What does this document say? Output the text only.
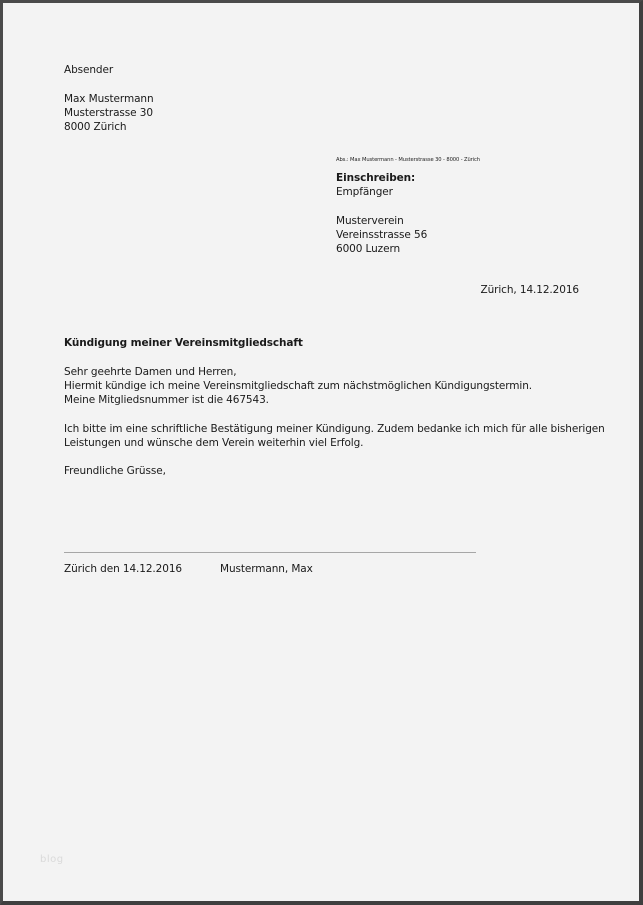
Absender
Max Mustermann
Musterstrasse 30
8000 Zürich
Abs.: Max Mustermann - Musterstrasse 30 - 8000 - Zürich
Einschreiben:
Empfänger
Musterverein
Vereinsstrasse 56
6000 Luzern
Zürich, 14.12.2016
Kündigung meiner Vereinsmitgliedschaft
Sehr geehrte Damen und Herren,
Hiermit kündige ich meine Vereinsmitgliedschaft zum nächstmöglichen Kündigungstermin.
Meine Mitgliedsnummer ist die 467543.
Ich bitte im eine schriftliche Bestätigung meiner Kündigung. Zudem bedanke ich mich für alle bisherigen
Leistungen und wünsche dem Verein weiterhin viel Erfolg.
Freundliche Grüsse,
Zürich den 14.12.2016	Mustermann, Max
blog
